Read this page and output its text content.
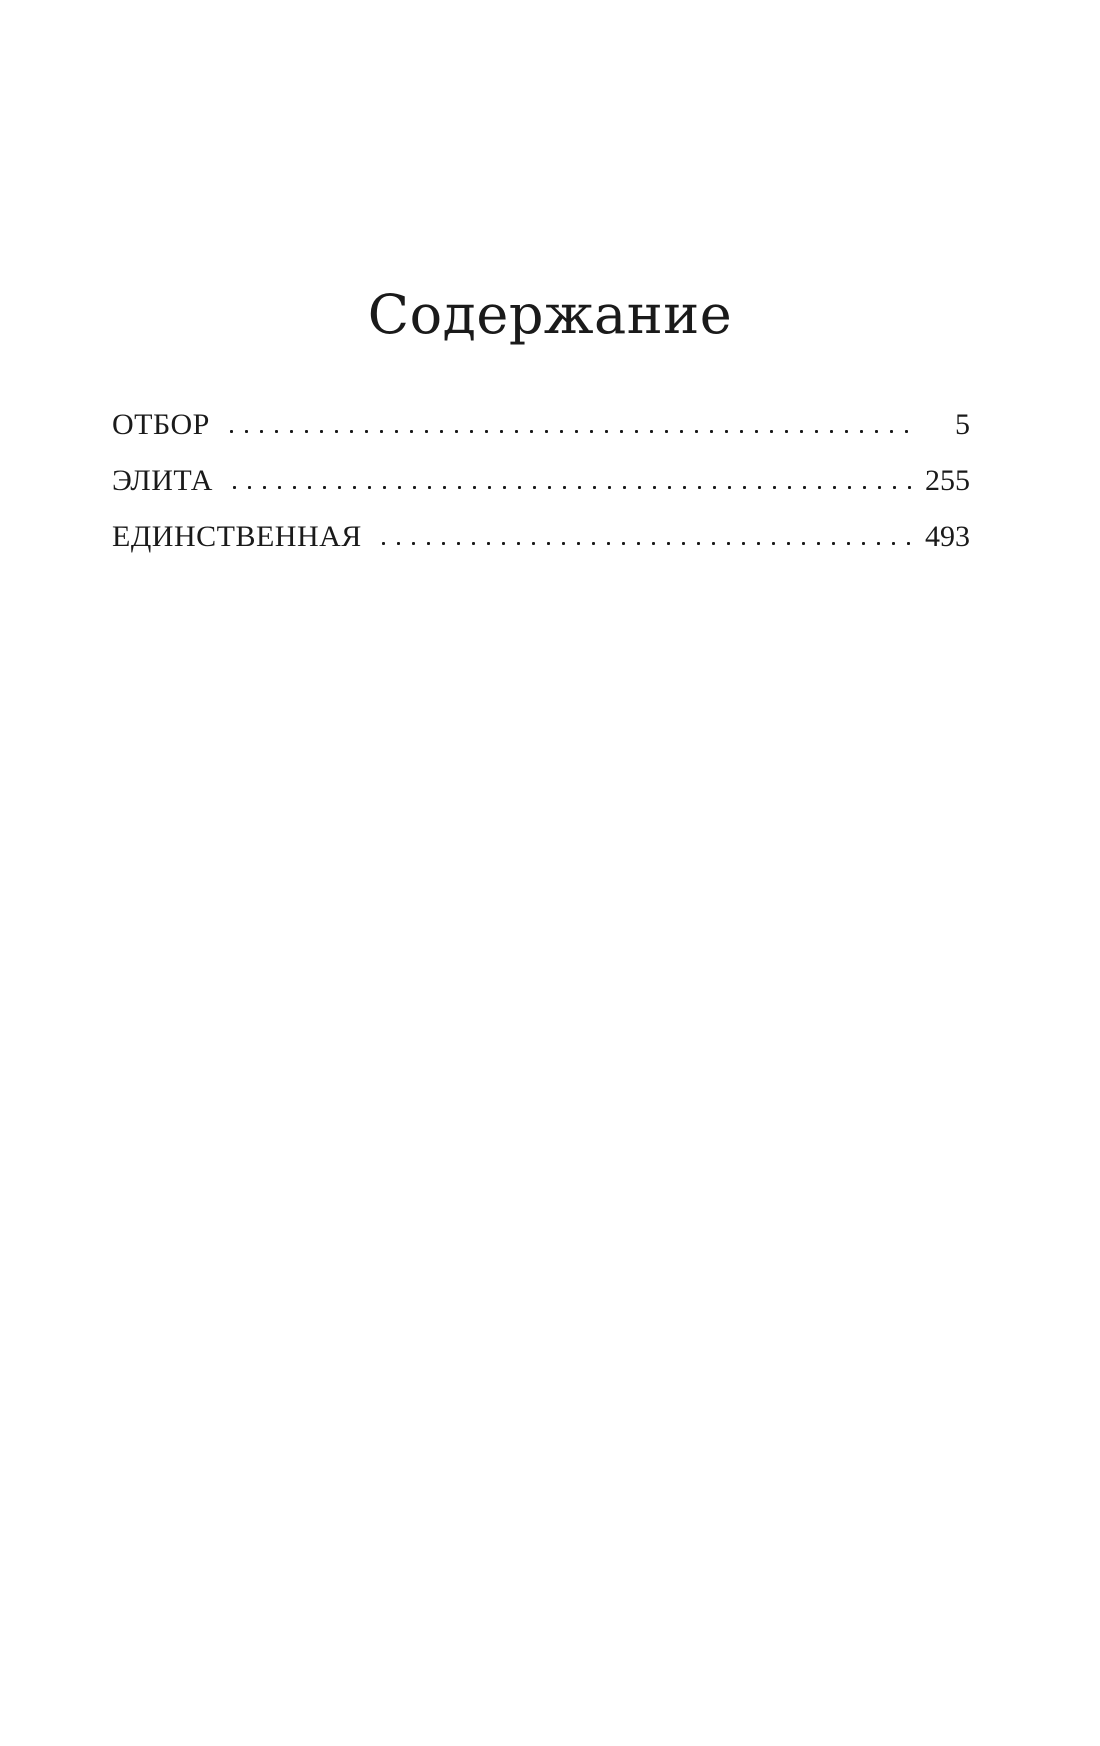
Содержание
ОТБОР	5
ЭЛИТА	255
ЕДИНСТВЕННАЯ	493
